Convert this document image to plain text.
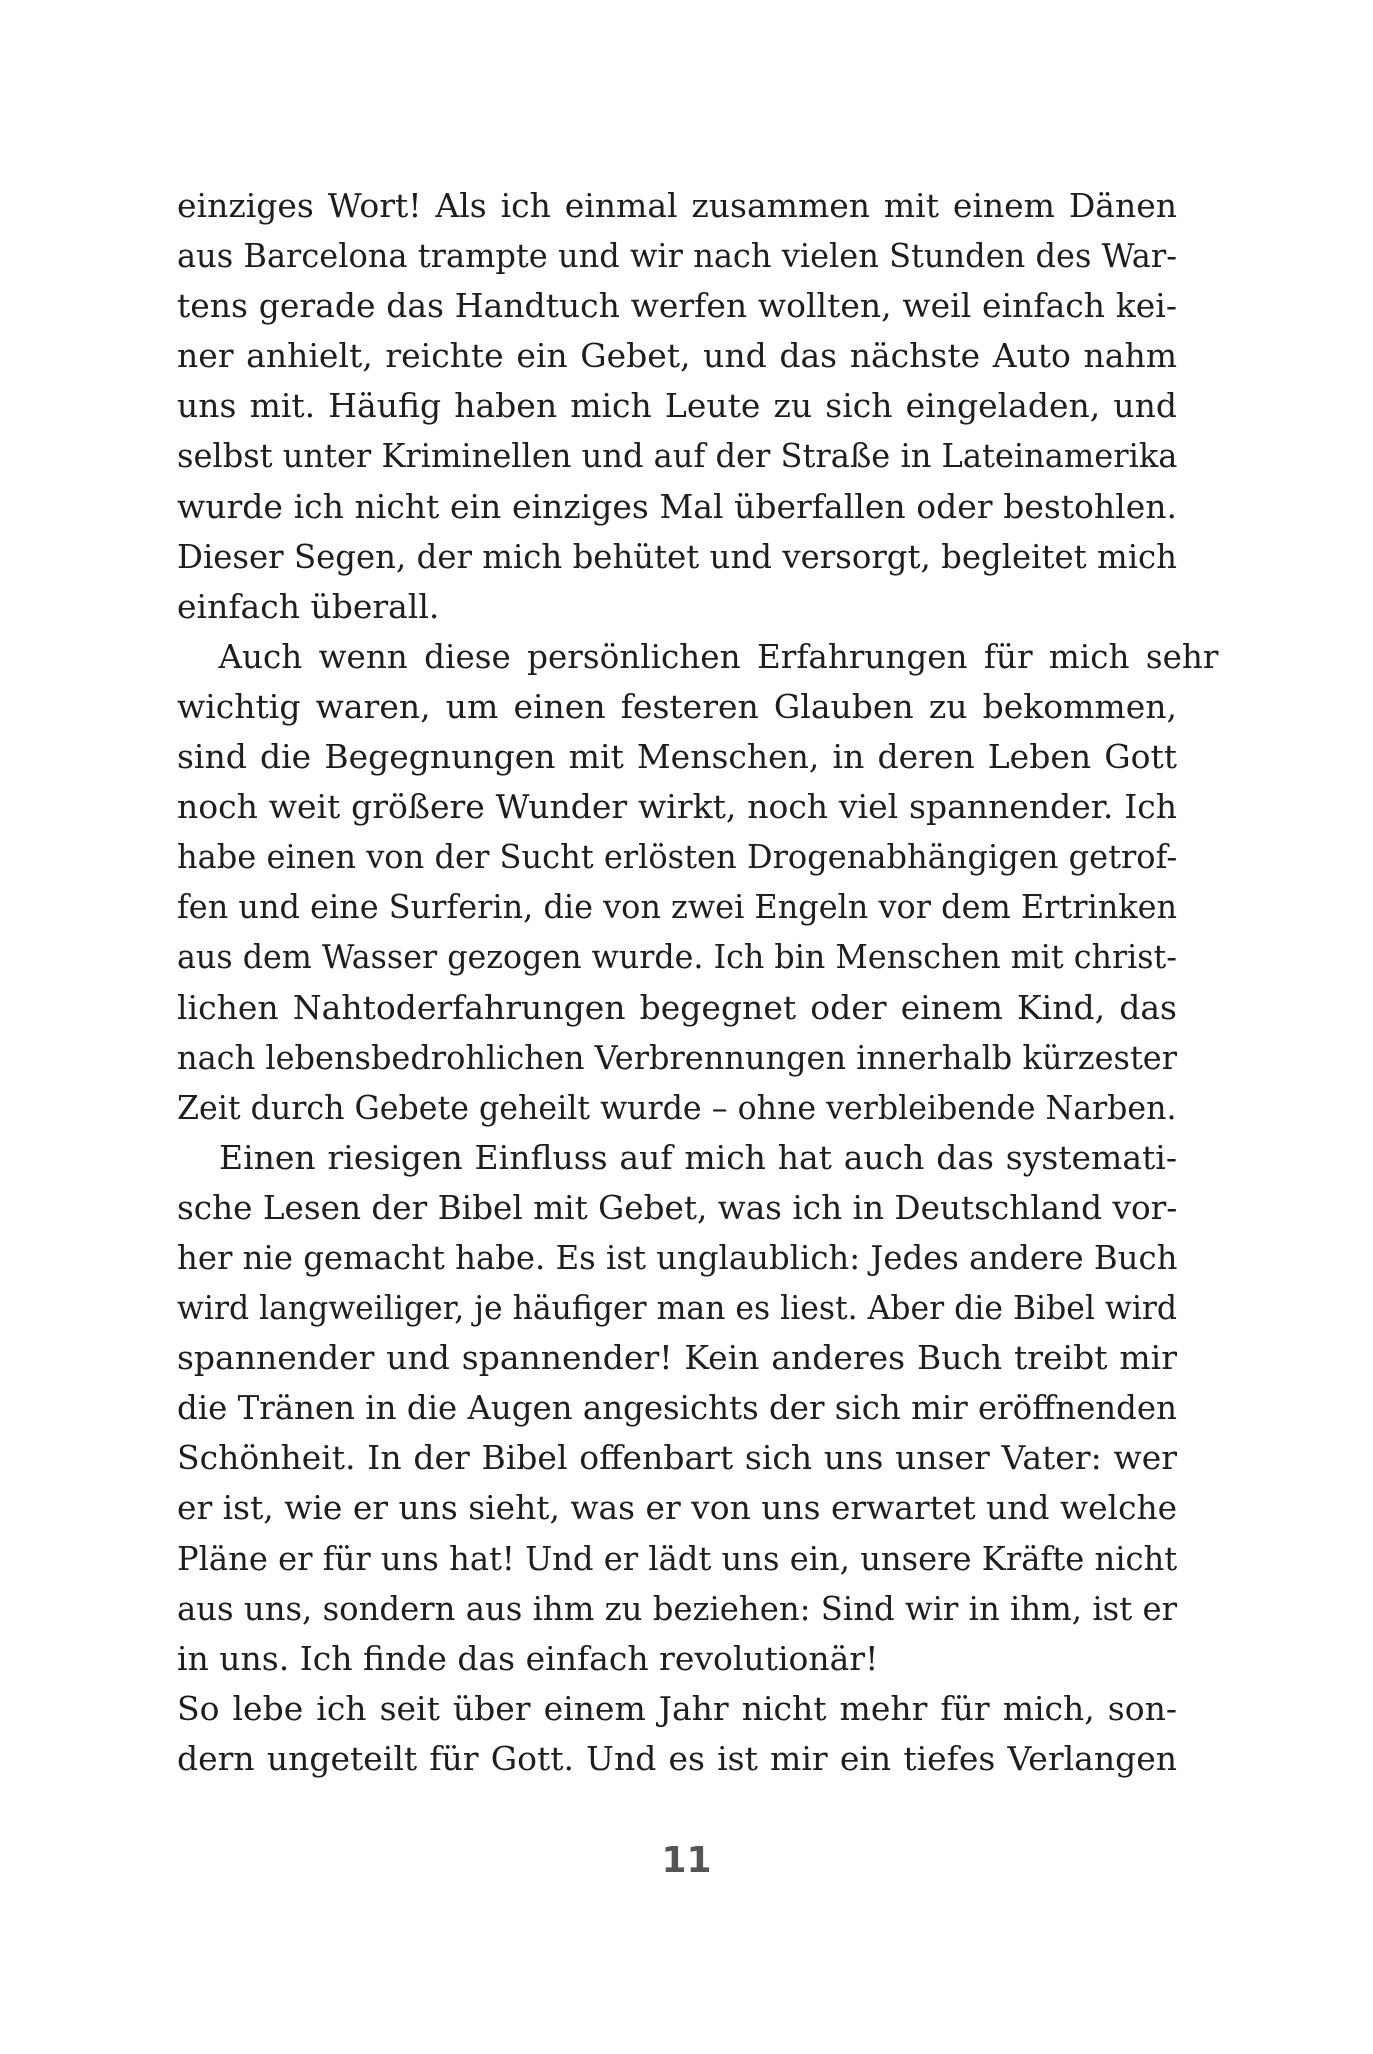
einziges Wort! Als ich einmal zusammen mit einem Dänen
aus Barcelona trampte und wir nach vielen Stunden des War-
tens gerade das Handtuch werfen wollten, weil einfach kei-
ner anhielt, reichte ein Gebet, und das nächste Auto nahm
uns mit. Häufig haben mich Leute zu sich eingeladen, und
selbst unter Kriminellen und auf der Straße in Lateinamerika
wurde ich nicht ein einziges Mal überfallen oder bestohlen.
Dieser Segen, der mich behütet und versorgt, begleitet mich
einfach überall.
Auch wenn diese persönlichen Erfahrungen für mich sehr
wichtig waren, um einen festeren Glauben zu bekommen,
sind die Begegnungen mit Menschen, in deren Leben Gott
noch weit größere Wunder wirkt, noch viel spannender. Ich
habe einen von der Sucht erlösten Drogenabhängigen getrof-
fen und eine Surferin, die von zwei Engeln vor dem Ertrinken
aus dem Wasser gezogen wurde. Ich bin Menschen mit christ-
lichen Nahtoderfahrungen begegnet oder einem Kind, das
nach lebensbedrohlichen Verbrennungen innerhalb kürzester
Zeit durch Gebete geheilt wurde – ohne verbleibende Narben.
Einen riesigen Einfluss auf mich hat auch das systemati-
sche Lesen der Bibel mit Gebet, was ich in Deutschland vor-
her nie gemacht habe. Es ist unglaublich: Jedes andere Buch
wird langweiliger, je häufiger man es liest. Aber die Bibel wird
spannender und spannender! Kein anderes Buch treibt mir
die Tränen in die Augen angesichts der sich mir eröffnenden
Schönheit. In der Bibel offenbart sich uns unser Vater: wer
er ist, wie er uns sieht, was er von uns erwartet und welche
Pläne er für uns hat! Und er lädt uns ein, unsere Kräfte nicht
aus uns, sondern aus ihm zu beziehen: Sind wir in ihm, ist er
in uns. Ich finde das einfach revolutionär!
So lebe ich seit über einem Jahr nicht mehr für mich, son-
dern ungeteilt für Gott. Und es ist mir ein tiefes Verlangen
11
